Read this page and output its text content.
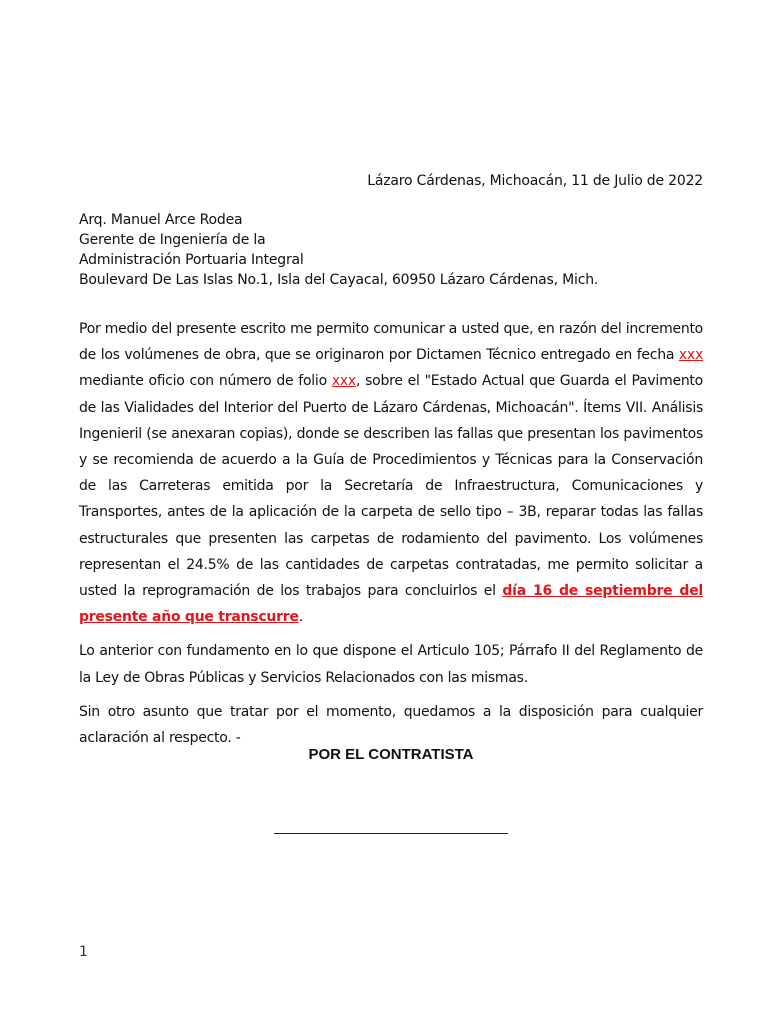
Lázaro Cárdenas, Michoacán, 11 de Julio de 2022
Arq. Manuel Arce Rodea
Gerente de Ingeniería de la
Administración Portuaria Integral
Boulevard De Las Islas No.1, Isla del Cayacal, 60950 Lázaro Cárdenas, Mich.

Por medio del presente escrito me permito comunicar a usted que, en razón del incremento de los volúmenes de obra, que se originaron por Dictamen Técnico entregado en fecha xxx mediante oficio con número de folio xxx, sobre el "Estado Actual que Guarda el Pavimento de las Vialidades del Interior del Puerto de Lázaro Cárdenas, Michoacán". Ítems VII. Análisis Ingenieril (se anexaran copias), donde se describen las fallas que presentan los pavimentos y se recomienda de acuerdo a la Guía de Procedimientos y Técnicas para la Conservación de las Carreteras emitida por la Secretaría de Infraestructura, Comunicaciones y Transportes, antes de la aplicación de la carpeta de sello tipo – 3B, reparar todas las fallas estructurales que presenten las carpetas de rodamiento del pavimento. Los volúmenes representan el 24.5% de las cantidades de carpetas contratadas, me permito solicitar a usted la reprogramación de los trabajos para concluirlos el día 16 de septiembre del presente año que transcurre.

Lo anterior con fundamento en lo que dispone el Articulo 105; Párrafo II del Reglamento de la Ley de Obras Públicas y Servicios Relacionados con las mismas.

Sin otro asunto que tratar por el momento, quedamos a la disposición para cualquier aclaración al respecto. -

POR EL CONTRATISTA
1
